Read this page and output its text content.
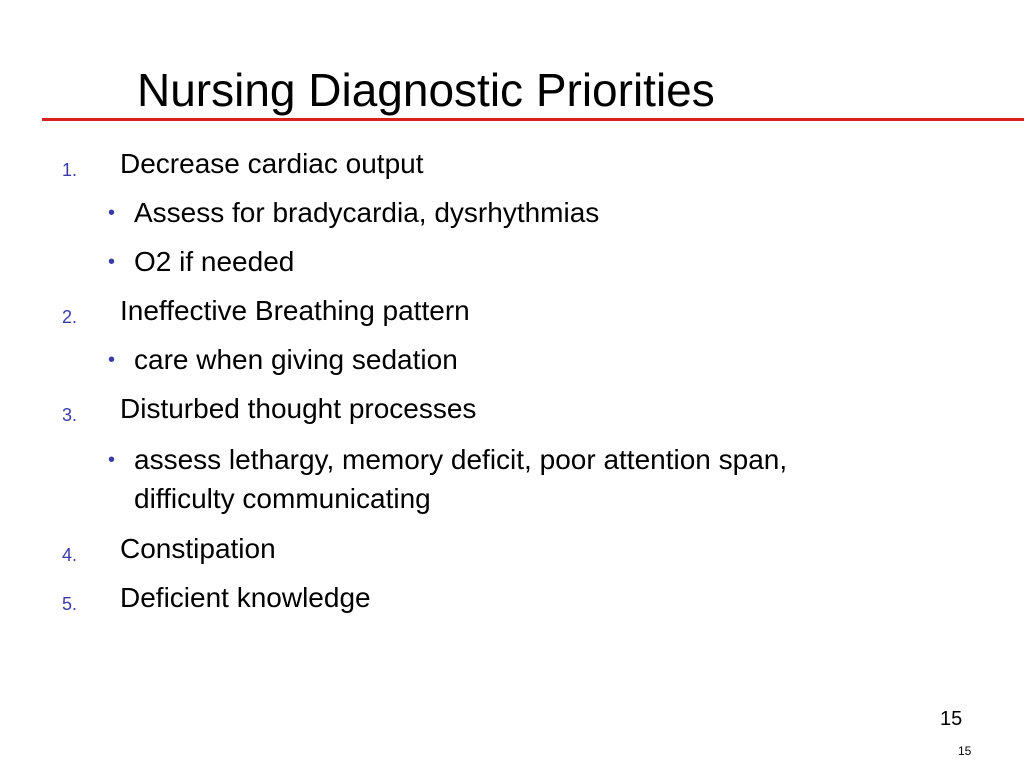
Nursing Diagnostic Priorities
1. Decrease cardiac output
• Assess for bradycardia, dysrhythmias
• O2 if needed
2. Ineffective Breathing pattern
• care when giving sedation
3. Disturbed thought processes
• assess lethargy, memory deficit, poor attention span,
difficulty communicating
4. Constipation
5. Deficient knowledge
15
15
